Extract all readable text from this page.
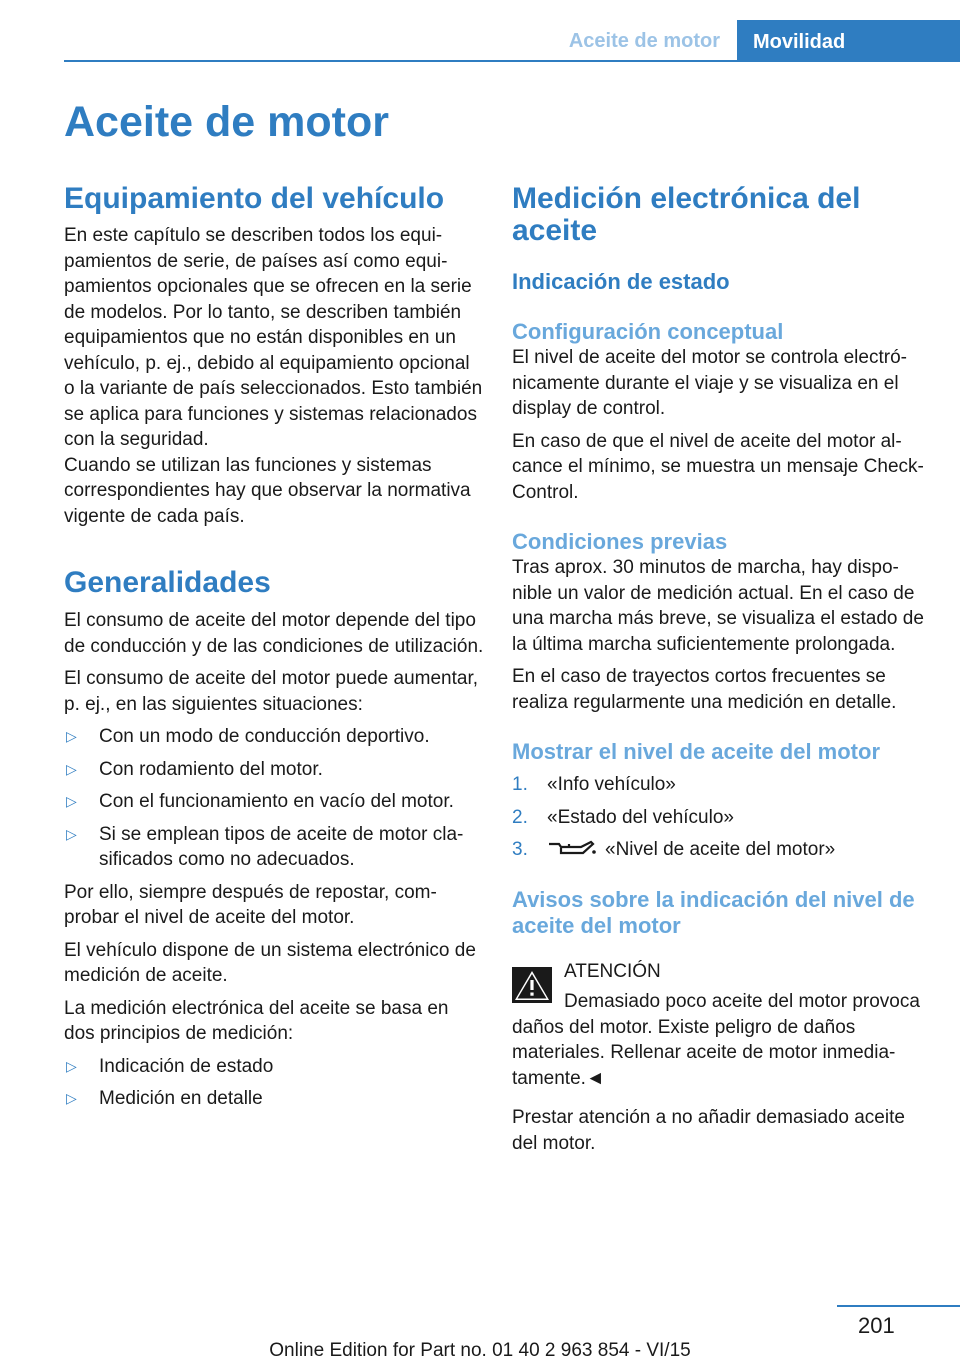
Aceite de motor	Movilidad
Aceite de motor
Equipamiento del vehículo

En este capítulo se describen todos los equipamientos de serie, de países así como equipamientos opcionales que se ofrecen en la serie de modelos. Por lo tanto, se describen también equipamientos que no están disponibles en un vehículo, p. ej., debido al equipamiento opcional o la variante de país seleccionados. Esto también se aplica para funciones y sistemas relacionados con la seguridad.

Cuando se utilizan las funciones y sistemas correspondientes hay que observar la normativa vigente de cada país.

Generalidades

El consumo de aceite del motor depende del tipo de conducción y de las condiciones de utilización.

El consumo de aceite del motor puede aumentar, p. ej., en las siguientes situaciones:

▷ Con un modo de conducción deportivo.
▷ Con rodamiento del motor.
▷ Con el funcionamiento en vacío del motor.
▷ Si se emplean tipos de aceite de motor clasificados como no adecuados.

Por ello, siempre después de repostar, comprobar el nivel de aceite del motor.

El vehículo dispone de un sistema electrónico de medición de aceite.

La medición electrónica del aceite se basa en dos principios de medición:

▷ Indicación de estado
▷ Medición en detalle
Medición electrónica del aceite
Indicación de estado
Configuración conceptual

El nivel de aceite del motor se controla electrónicamente durante el viaje y se visualiza en el display de control.

En caso de que el nivel de aceite del motor alcance el mínimo, se muestra un mensaje Check-Control.

Condiciones previas

Tras aprox. 30 minutos de marcha, hay disponible un valor de medición actual. En el caso de una marcha más breve, se visualiza el estado de la última marcha suficientemente prolongada.

En el caso de trayectos cortos frecuentes se realiza regularmente una medición en detalle.

Mostrar el nivel de aceite del motor
1. «Info vehículo»
2. «Estado del vehículo»
3.	«Nivel de aceite del motor»
Avisos sobre la indicación del nivel de aceite del motor

ATENCIÓN

Demasiado poco aceite del motor provoca daños del motor. Existe peligro de daños materiales. Rellenar aceite de motor inmediatamente.◄

Prestar atención a no añadir demasiado aceite del motor.

201
Online Edition for Part no. 01 40 2 963 854 - VI/15
